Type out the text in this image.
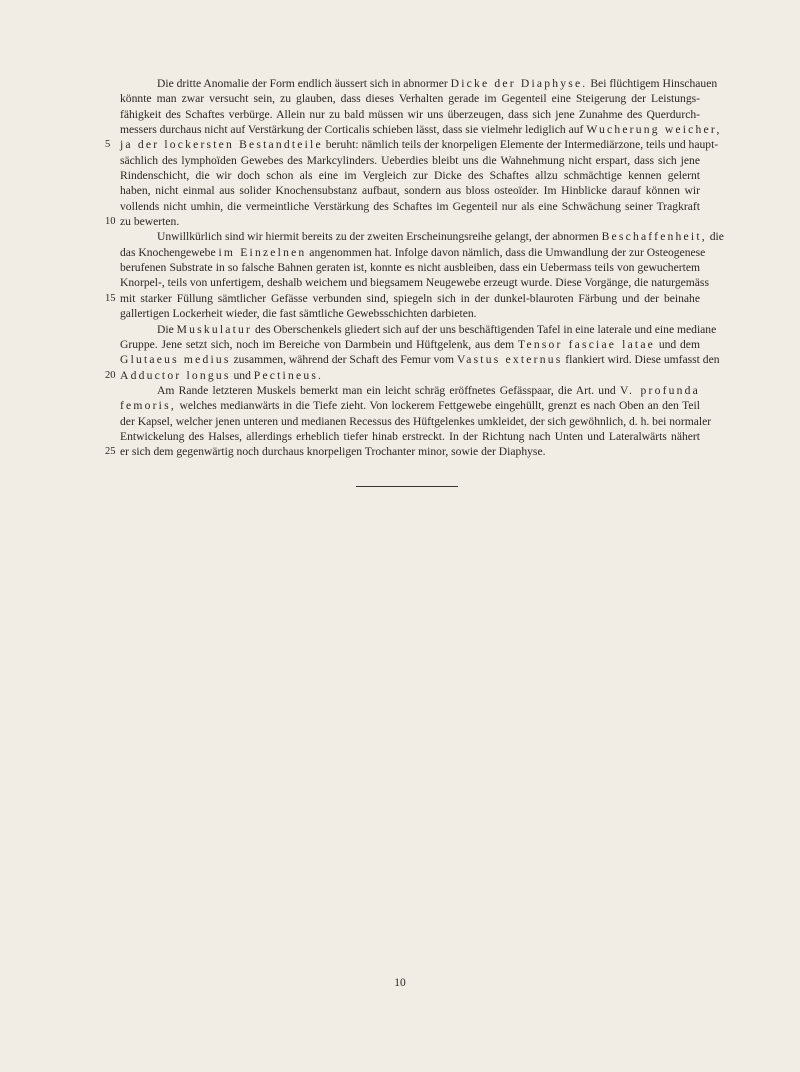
Die dritte Anomalie der Form endlich äussert sich in abnormer Dicke der Diaphyse. Bei flüchtigem Hinschauen
könnte man zwar versucht sein, zu glauben, dass dieses Verhalten gerade im Gegenteil eine Steigerung der Leistungs-
fähigkeit des Schaftes verbürge. Allein nur zu bald müssen wir uns überzeugen, dass sich jene Zunahme des Querdurch-
messers durchaus nicht auf Verstärkung der Corticalis schieben lässt, dass sie vielmehr lediglich auf Wucherung weicher,
5 ja der lockersten Bestandteile beruht: nämlich teils der knorpeligen Elemente der Intermediärzone, teils und haupt-
sächlich des lymphoïden Gewebes des Markcylinders. Ueberdies bleibt uns die Wahnehmung nicht erspart, dass sich jene
Rindenschicht, die wir doch schon als eine im Vergleich zur Dicke des Schaftes allzu schmächtige kennen gelernt
haben, nicht einmal aus solider Knochensubstanz aufbaut, sondern aus bloss osteoïder. Im Hinblicke darauf können wir
vollends nicht umhin, die vermeintliche Verstärkung des Schaftes im Gegenteil nur als eine Schwächung seiner Tragkraft
10 zu bewerten.
Unwillkürlich sind wir hiermit bereits zu der zweiten Erscheinungsreihe gelangt, der abnormen Beschaffenheit, die
das Knochengewebe im Einzelnen angenommen hat. Infolge davon nämlich, dass die Umwandlung der zur Osteogenese
berufenen Substrate in so falsche Bahnen geraten ist, konnte es nicht ausbleiben, dass ein Uebermass teils von gewuchertem
Knorpel-, teils von unfertigem, deshalb weichem und biegsamem Neugewebe erzeugt wurde. Diese Vorgänge, die naturgemäss
15 mit starker Füllung sämtlicher Gefässe verbunden sind, spiegeln sich in der dunkel-blauroten Färbung und der beinahe
gallertigen Lockerheit wieder, die fast sämtliche Gewebsschichten darbieten.
Die Muskulatur des Oberschenkels gliedert sich auf der uns beschäftigenden Tafel in eine laterale und eine mediane
Gruppe. Jene setzt sich, noch im Bereiche von Darmbein und Hüftgelenk, aus dem Tensor fasciae latae und dem
Glutaeus medius zusammen, während der Schaft des Femur vom Vastus externus flankiert wird. Diese umfasst den
20 Adductor longus und Pectineus.
Am Rande letzteren Muskels bemerkt man ein leicht schräg eröffnetes Gefässpaar, die Art. und V. profunda
femoris, welches medianwärts in die Tiefe zieht. Von lockerem Fettgewebe eingehüllt, grenzt es nach Oben an den Teil
der Kapsel, welcher jenen unteren und medianen Recessus des Hüftgelenkes umkleidet, der sich gewöhnlich, d. h. bei normaler
Entwickelung des Halses, allerdings erheblich tiefer hinab erstreckt. In der Richtung nach Unten und Lateralwärts nähert
25 er sich dem gegenwärtig noch durchaus knorpeligen Trochanter minor, sowie der Diaphyse.
10
